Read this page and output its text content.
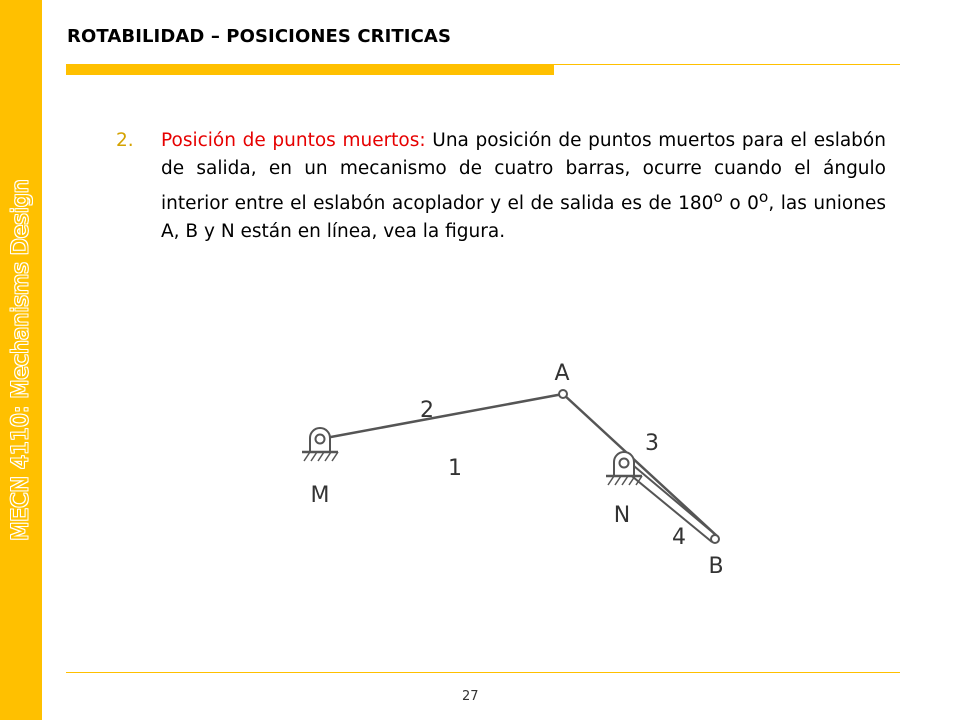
MECN 4110: Mechanisms Design
ROTABILIDAD – POSICIONES CRITICAS
2.	Posición de puntos muertos: Una posición de puntos muertos para el eslabón de salida, en un mecanismo de cuatro barras, ocurre cuando el ángulo interior entre el eslabón acoplador y el de salida es de 180$^o$ o 0$^o$, las uniones A, B y N están en línea, vea la figura.
A
B
M
N
2
1
3
4
27
